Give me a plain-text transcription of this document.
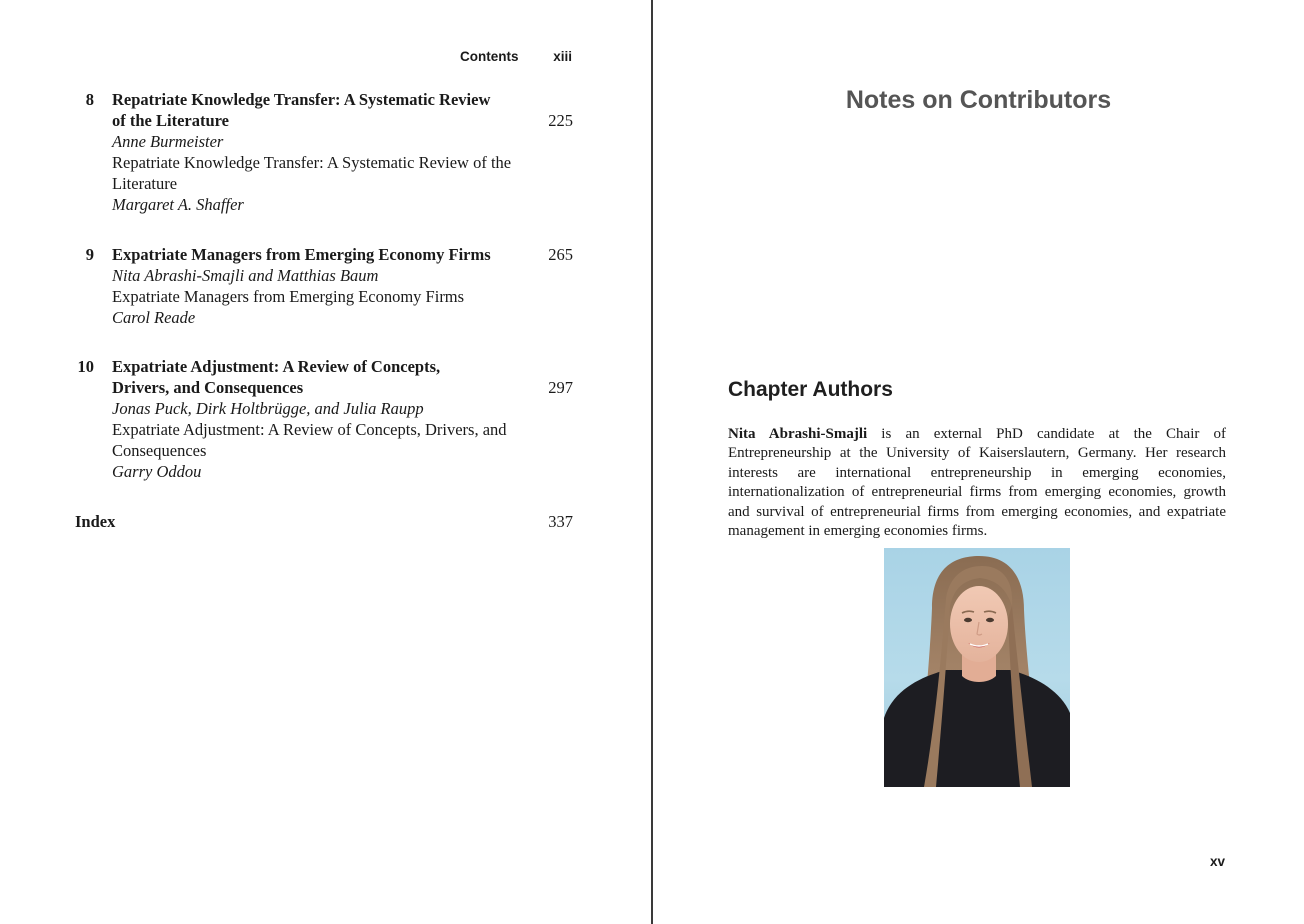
Contents	xiii
8 Repatriate Knowledge Transfer: A Systematic Review
of the Literature
Anne Burmeister
Repatriate Knowledge Transfer: A Systematic Review of the
Literature
Margaret A. Shaffer
225
9 Expatriate Managers from Emerging Economy Firms
Nita Abrashi-Smajli and Matthias Baum
Expatriate Managers from Emerging Economy Firms
Carol Reade
265
10 Expatriate Adjustment: A Review of Concepts,
Drivers, and Consequences
Jonas Puck, Dirk Holtbrügge, and Julia Raupp
Expatriate Adjustment: A Review of Concepts, Drivers, and
Consequences
Garry Oddou
297
Index	337
Notes on Contributors
Chapter Authors

Nita Abrashi-Smajli is an external PhD candidate at the Chair of Entrepreneurship at the University of Kaiserslautern, Germany. Her research interests are international entrepreneurship in emerging economies, internationalization of entrepreneurial firms from emerging economies, growth and survival of entrepreneurial firms from emerging economies, and expatriate management in emerging economies firms.

xv
